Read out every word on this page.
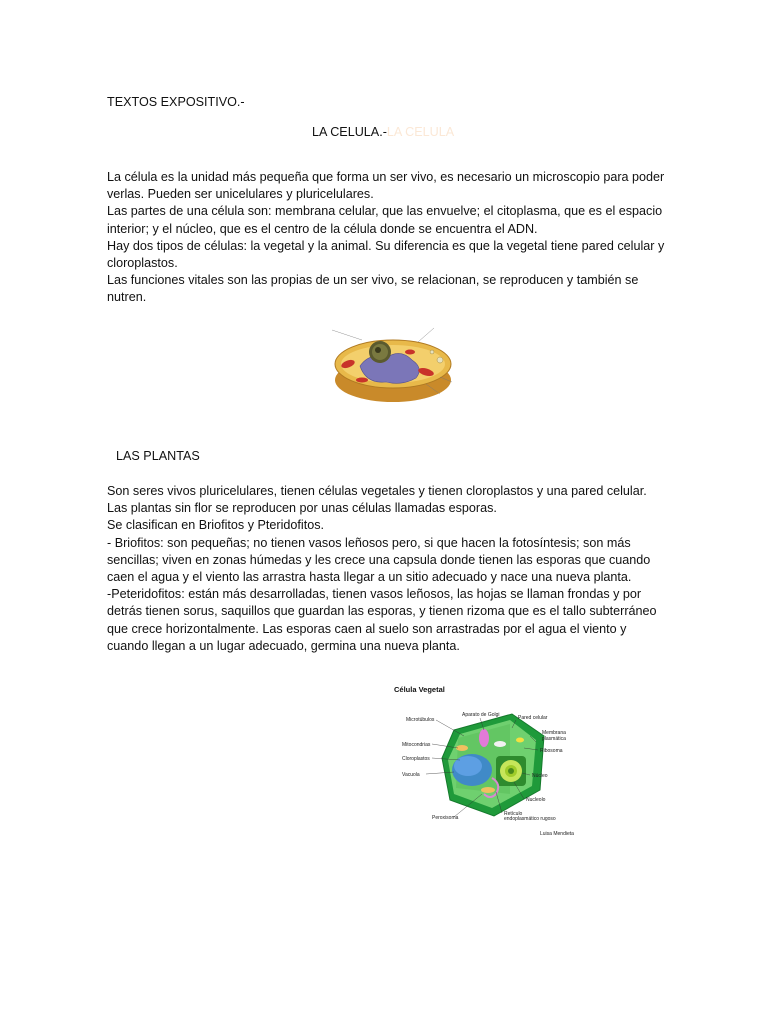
TEXTOS EXPOSITIVO.-

LA CELULA.-LA CELULA

La célula es la unidad más pequeña que forma un ser vivo, es necesario un microscopio para poder
verlas. Pueden ser unicelulares y pluricelulares.
Las partes de una célula son: membrana celular, que las envuelve; el citoplasma, que es el espacio
interior; y el núcleo, que es el centro de la célula donde se encuentra el ADN.
Hay dos tipos de células: la vegetal y la animal. Su diferencia es que la vegetal tiene pared celular y
cloroplastos.
Las funciones vitales son las propias de un ser vivo, se relacionan, se reproducen y también se
nutren.

LAS PLANTAS

Son seres vivos pluricelulares, tienen células vegetales y tienen cloroplastos y una pared celular.
Las plantas sin flor se reproducen por unas células llamadas esporas.
Se clasifican en Briofitos y Pteridofitos.
- Briofitos: son pequeñas; no tienen vasos leñosos pero, si que hacen la fotosíntesis; son más
sencillas; viven en zonas húmedas y les crece una capsula donde tienen las esporas que cuando
caen el agua y el viento las arrastra hasta llegar a un sitio adecuado y nace una nueva planta.
-Peteridofitos: están más desarrolladas, tienen vasos leñosos, las hojas se llaman frondas y por
detrás tienen sorus, saquillos que guardan las esporas, y tienen rizoma que es el tallo subterráneo
que crece horizontalmente. Las esporas caen al suelo son arrastradas por el agua el viento y
cuando llegan a un lugar adecuado, germina una nueva planta.
Célula Vegetal
Aparato de Golgi	Pared celular
Microtúbulos
Membrana
plasmática
Ribosoma
Mitocondrias
Cloroplastos
Vacuola	Núcleo
Nucleolo
Peroxisoma
Retículo
endoplasmático rugoso
Luisa Mendieta
